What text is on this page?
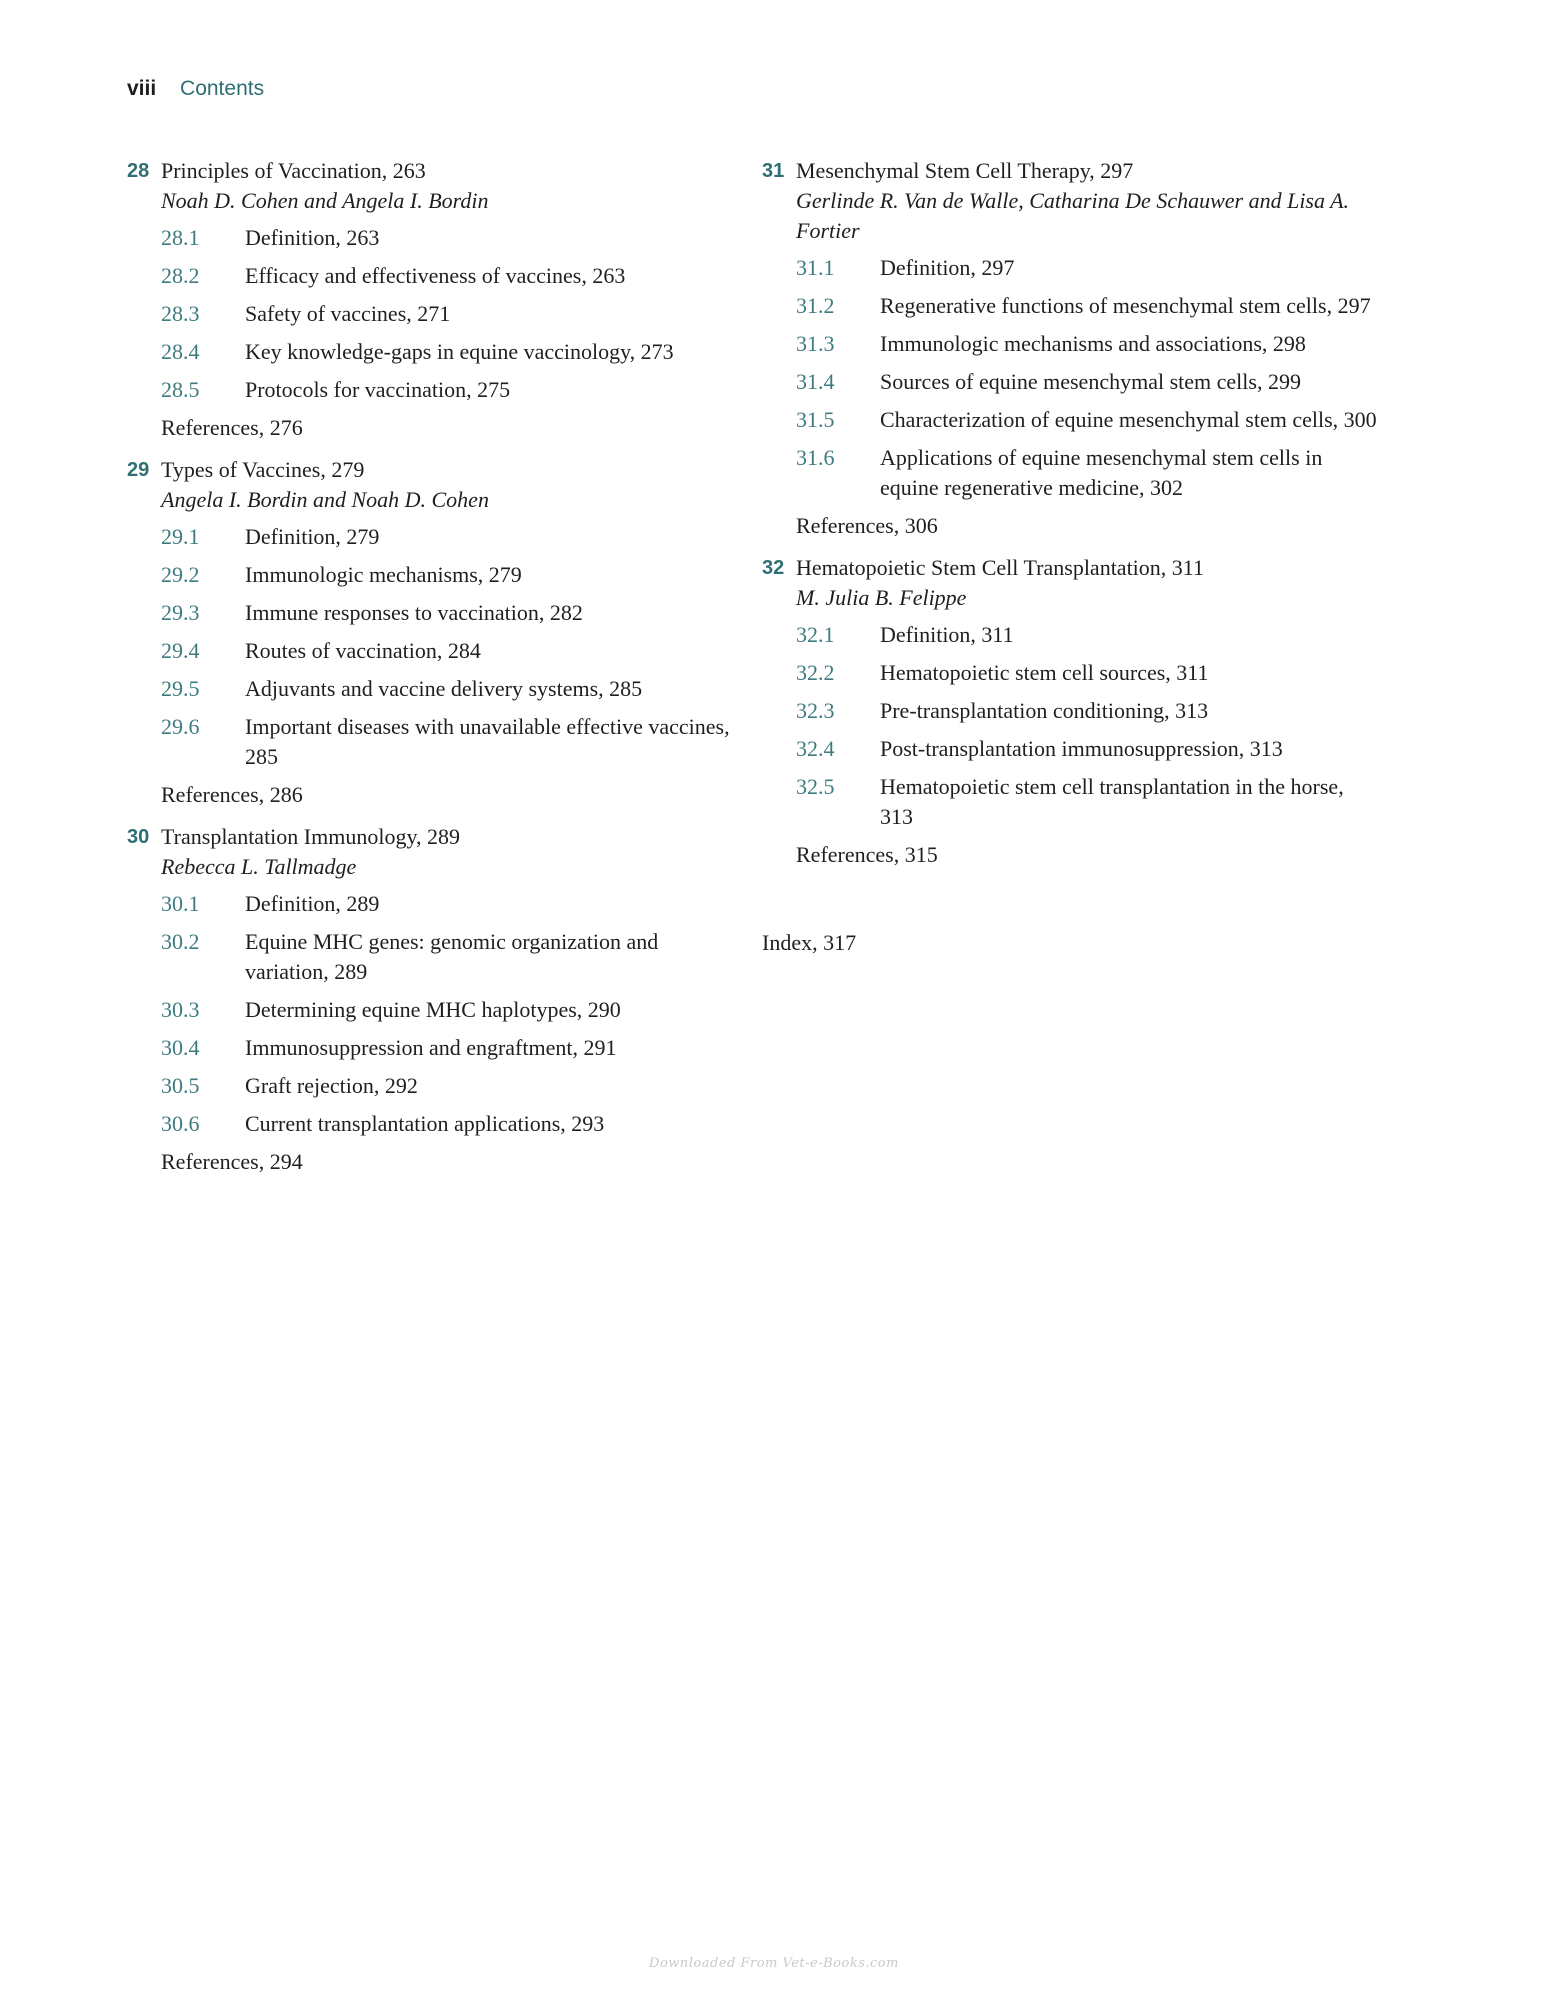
viii Contents
28 Principles of Vaccination, 263
Noah D. Cohen and Angela I. Bordin
28.1 Definition, 263
28.2 Efficacy and effectiveness of vaccines, 263
28.3 Safety of vaccines, 271
28.4 Key knowledge-gaps in equine vaccinology, 273
28.5 Protocols for vaccination, 275
References, 276
29 Types of Vaccines, 279
Angela I. Bordin and Noah D. Cohen
29.1 Definition, 279
29.2 Immunologic mechanisms, 279
29.3 Immune responses to vaccination, 282
29.4 Routes of vaccination, 284
29.5 Adjuvants and vaccine delivery systems, 285
29.6 Important diseases with unavailable effective vaccines, 285
References, 286
30 Transplantation Immunology, 289
Rebecca L. Tallmadge
30.1 Definition, 289
30.2 Equine MHC genes: genomic organization and variation, 289
30.3 Determining equine MHC haplotypes, 290
30.4 Immunosuppression and engraftment, 291
30.5 Graft rejection, 292
30.6 Current transplantation applications, 293
References, 294
31 Mesenchymal Stem Cell Therapy, 297
Gerlinde R. Van de Walle, Catharina De Schauwer and Lisa A. Fortier
31.1 Definition, 297
31.2 Regenerative functions of mesenchymal stem cells, 297
31.3 Immunologic mechanisms and associations, 298
31.4 Sources of equine mesenchymal stem cells, 299
31.5 Characterization of equine mesenchymal stem cells, 300
31.6 Applications of equine mesenchymal stem cells in equine regenerative medicine, 302
References, 306
32 Hematopoietic Stem Cell Transplantation, 311
M. Julia B. Felippe
32.1 Definition, 311
32.2 Hematopoietic stem cell sources, 311
32.3 Pre-transplantation conditioning, 313
32.4 Post-transplantation immunosuppression, 313
32.5 Hematopoietic stem cell transplantation in the horse, 313
References, 315
Index, 317
Downloaded From Vet-e-Books.com
